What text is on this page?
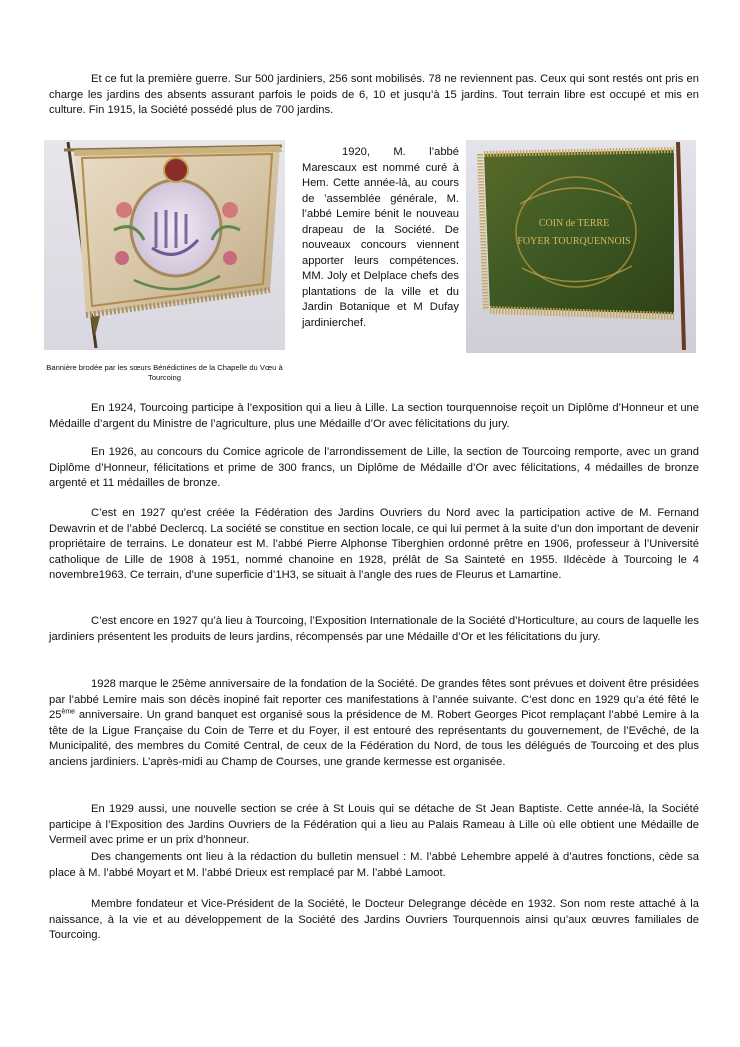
Et ce fut la première guerre. Sur 500 jardiniers, 256 sont mobilisés. 78 ne reviennent pas. Ceux qui sont restés ont pris en charge les jardins des absents assurant parfois le poids de 6, 10 et jusqu’à 15 jardins. Tout terrain libre est occupé et mis en culture. Fin 1915, la Société possédé plus de 700 jardins.

Bannière brodée par les sœurs Bénédictines de la Chapelle du Vœu à Tourcoing
1920, M. l’abbé Marescaux est nommé curé à Hem. Cette année-là, au cours de ’assemblée générale, M. l’abbé Lemire bénit le nouveau drapeau de la Société. De nouveaux concours viennent apporter leurs compétences. MM. Joly et Delplace chefs des plantations de la ville et du Jardin Botanique et M Dufay jardinierchef.
COIN de TERRE
FOYER TOURQUENNOIS

En 1924, Tourcoing participe à l’exposition qui a lieu à Lille. La section tourquennoise reçoit un Diplôme d’Honneur et une Médaille d’argent du Ministre de l’agriculture, plus une Médaille d’Or avec félicitations du jury.

En 1926, au concours du Comice agricole de l’arrondissement de Lille, la section de Tourcoing remporte, avec un grand Diplôme d’Honneur, félicitations et prime de 300 francs, un Diplôme de Médaille d’Or avec félicitations, 4 médailles de bronze argenté et 11 médailles de bronze.

C’est en 1927 qu’est créée la Fédération des Jardins Ouvriers du Nord avec la participation active de M. Fernand Dewavrin et de l’abbé Declercq. La société se constitue en section locale, ce qui lui permet à la suite d’un don important de devenir propriétaire de terrains. Le donateur est M. l’abbé Pierre Alphonse Tiberghien ordonné prêtre en 1906, professeur à l’Université catholique de Lille de 1908 à 1951, nommé chanoine en 1928, prélât de Sa Sainteté en 1955. Ildécède à Tourcoing le 4 novembre1963. Ce terrain, d’une superficie d’1H3, se situait à l’angle des rues de Fleurus et Lamartine.

C’est encore en 1927 qu’à lieu à Tourcoing, l’Exposition Internationale de la Société d’Horticulture, au cours de laquelle les jardiniers présentent les produits de leurs jardins, récompensés par une Médaille d’Or et les félicitations du jury.

1928 marque le 25ème anniversaire de la fondation de la Société. De grandes fêtes sont prévues et doivent être présidées par l’abbé Lemire mais son décès inopiné fait reporter ces manifestations à l’année suivante. C’est donc en 1929 qu’a été fêté le 25ème anniversaire. Un grand banquet est organisé sous la présidence de M. Robert Georges Picot remplaçant l’abbé Lemire à la tête de la Ligue Française du Coin de Terre et du Foyer, il est entouré des représentants du gouvernement, de l’Evêché, de la Municipalité, des membres du Comité Central, de ceux de la Fédération du Nord, de tous les délégués de Tourcoing et des plus anciens jardiniers. L’après-midi au Champ de Courses, une grande kermesse est organisée.

En 1929 aussi, une nouvelle section se crée à St Louis qui se détache de St Jean Baptiste. Cette année-là, la Société participe à l’Exposition des Jardins Ouvriers de la Fédération qui a lieu au Palais Rameau à Lille où elle obtient une Médaille de Vermeil avec prime er un prix d’honneur.

Des changements ont lieu à la rédaction du bulletin mensuel : M. l’abbé Lehembre appelé à d’autres fonctions, cède sa place à M. l’abbé Moyart et M. l’abbé Drieux est remplacé par M. l’abbé Lamoot.

Membre fondateur et Vice-Président de la Société, le Docteur Delegrange décède en 1932. Son nom reste attaché à la naissance, à la vie et au développement de la Société des Jardins Ouvriers Tourquennois ainsi qu’aux œuvres familiales de Tourcoing.
